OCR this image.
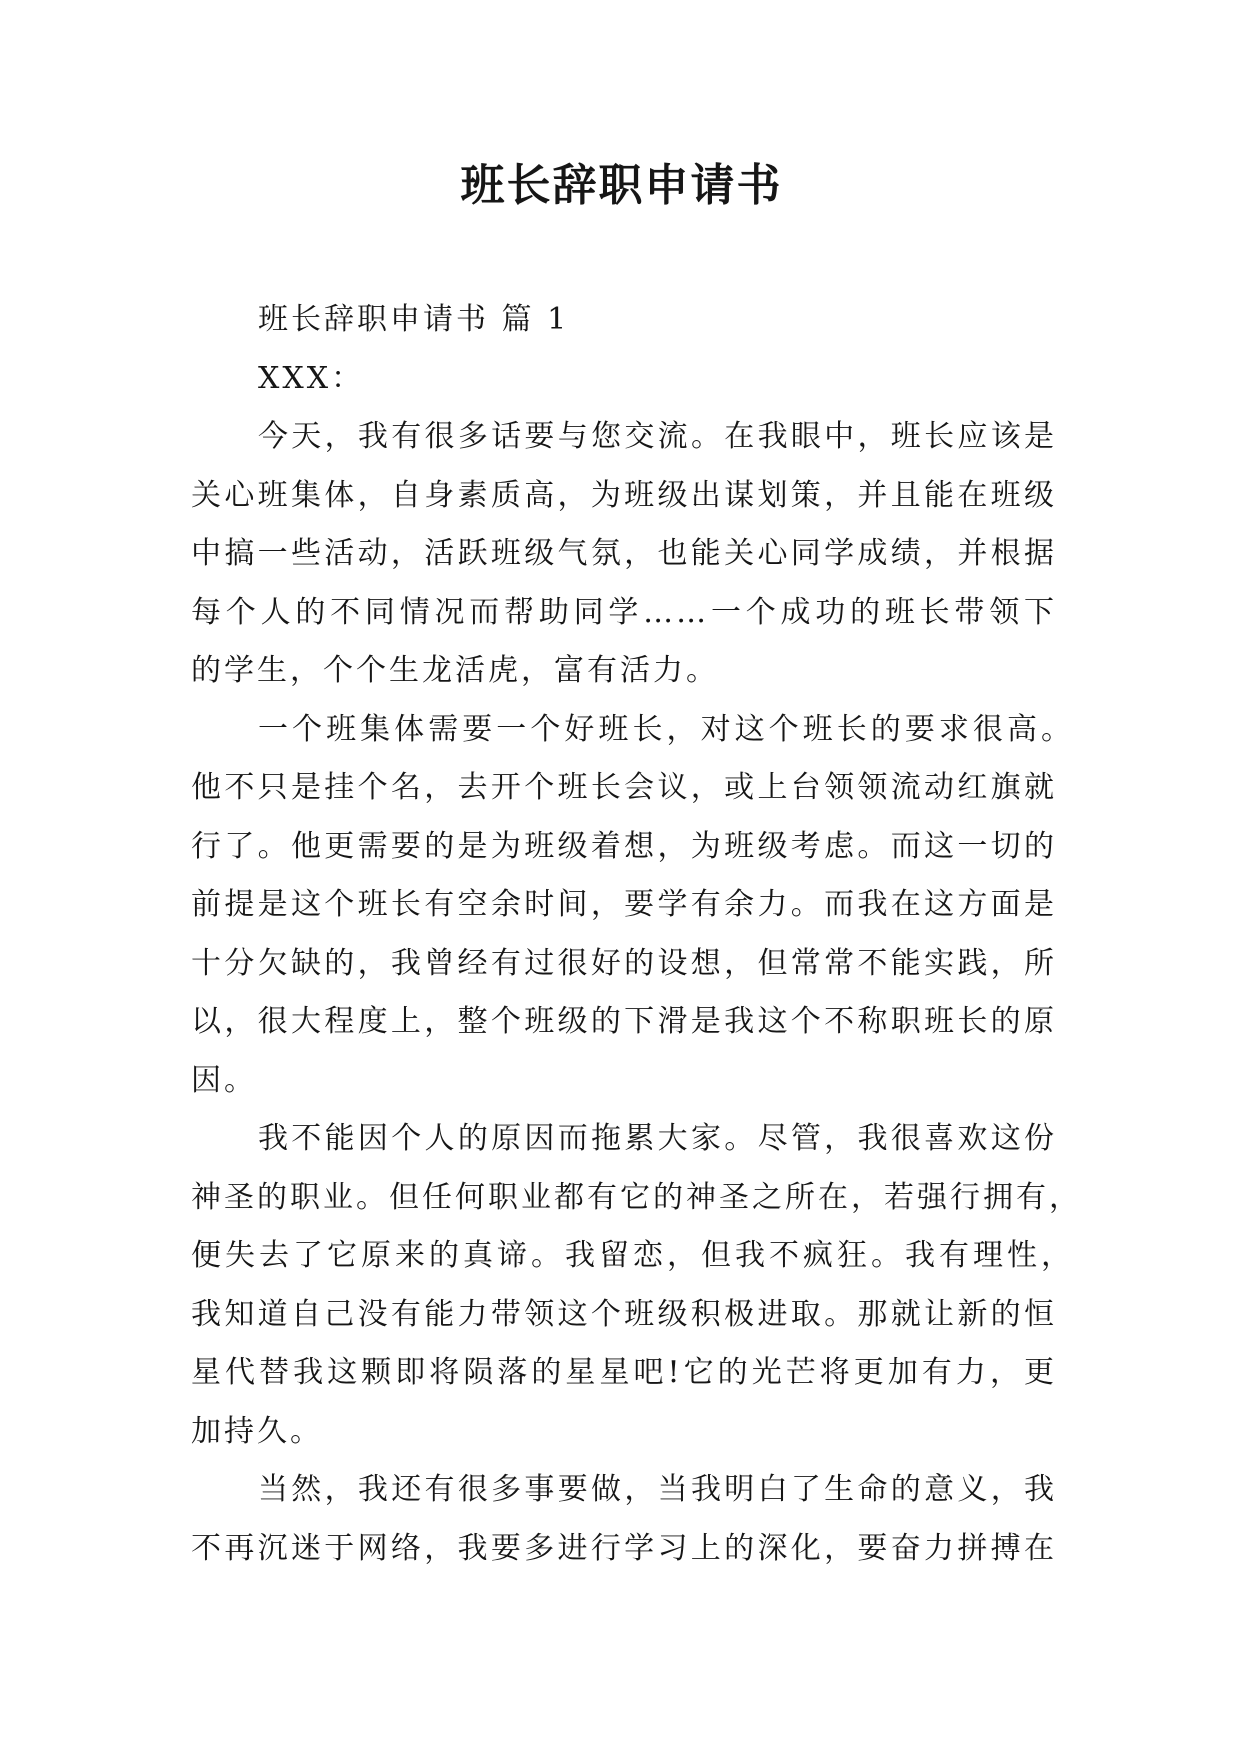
班长辞职申请书
班长辞职申请书 篇 1
XXX：
今天，我有很多话要与您交流。在我眼中，班长应该是
关心班集体，自身素质高，为班级出谋划策，并且能在班级
中搞一些活动，活跃班级气氛，也能关心同学成绩，并根据
每个人的不同情况而帮助同学……一个成功的班长带领下
的学生，个个生龙活虎，富有活力。
一个班集体需要一个好班长，对这个班长的要求很高。
他不只是挂个名，去开个班长会议，或上台领领流动红旗就
行了。他更需要的是为班级着想，为班级考虑。而这一切的
前提是这个班长有空余时间，要学有余力。而我在这方面是
十分欠缺的，我曾经有过很好的设想，但常常不能实践，所
以，很大程度上，整个班级的下滑是我这个不称职班长的原
因。
我不能因个人的原因而拖累大家。尽管，我很喜欢这份
神圣的职业。但任何职业都有它的神圣之所在，若强行拥有，
便失去了它原来的真谛。我留恋，但我不疯狂。我有理性，
我知道自己没有能力带领这个班级积极进取。那就让新的恒
星代替我这颗即将陨落的星星吧!它的光芒将更加有力，更
加持久。
当然，我还有很多事要做，当我明白了生命的意义，我
不再沉迷于网络，我要多进行学习上的深化，要奋力拼搏在
